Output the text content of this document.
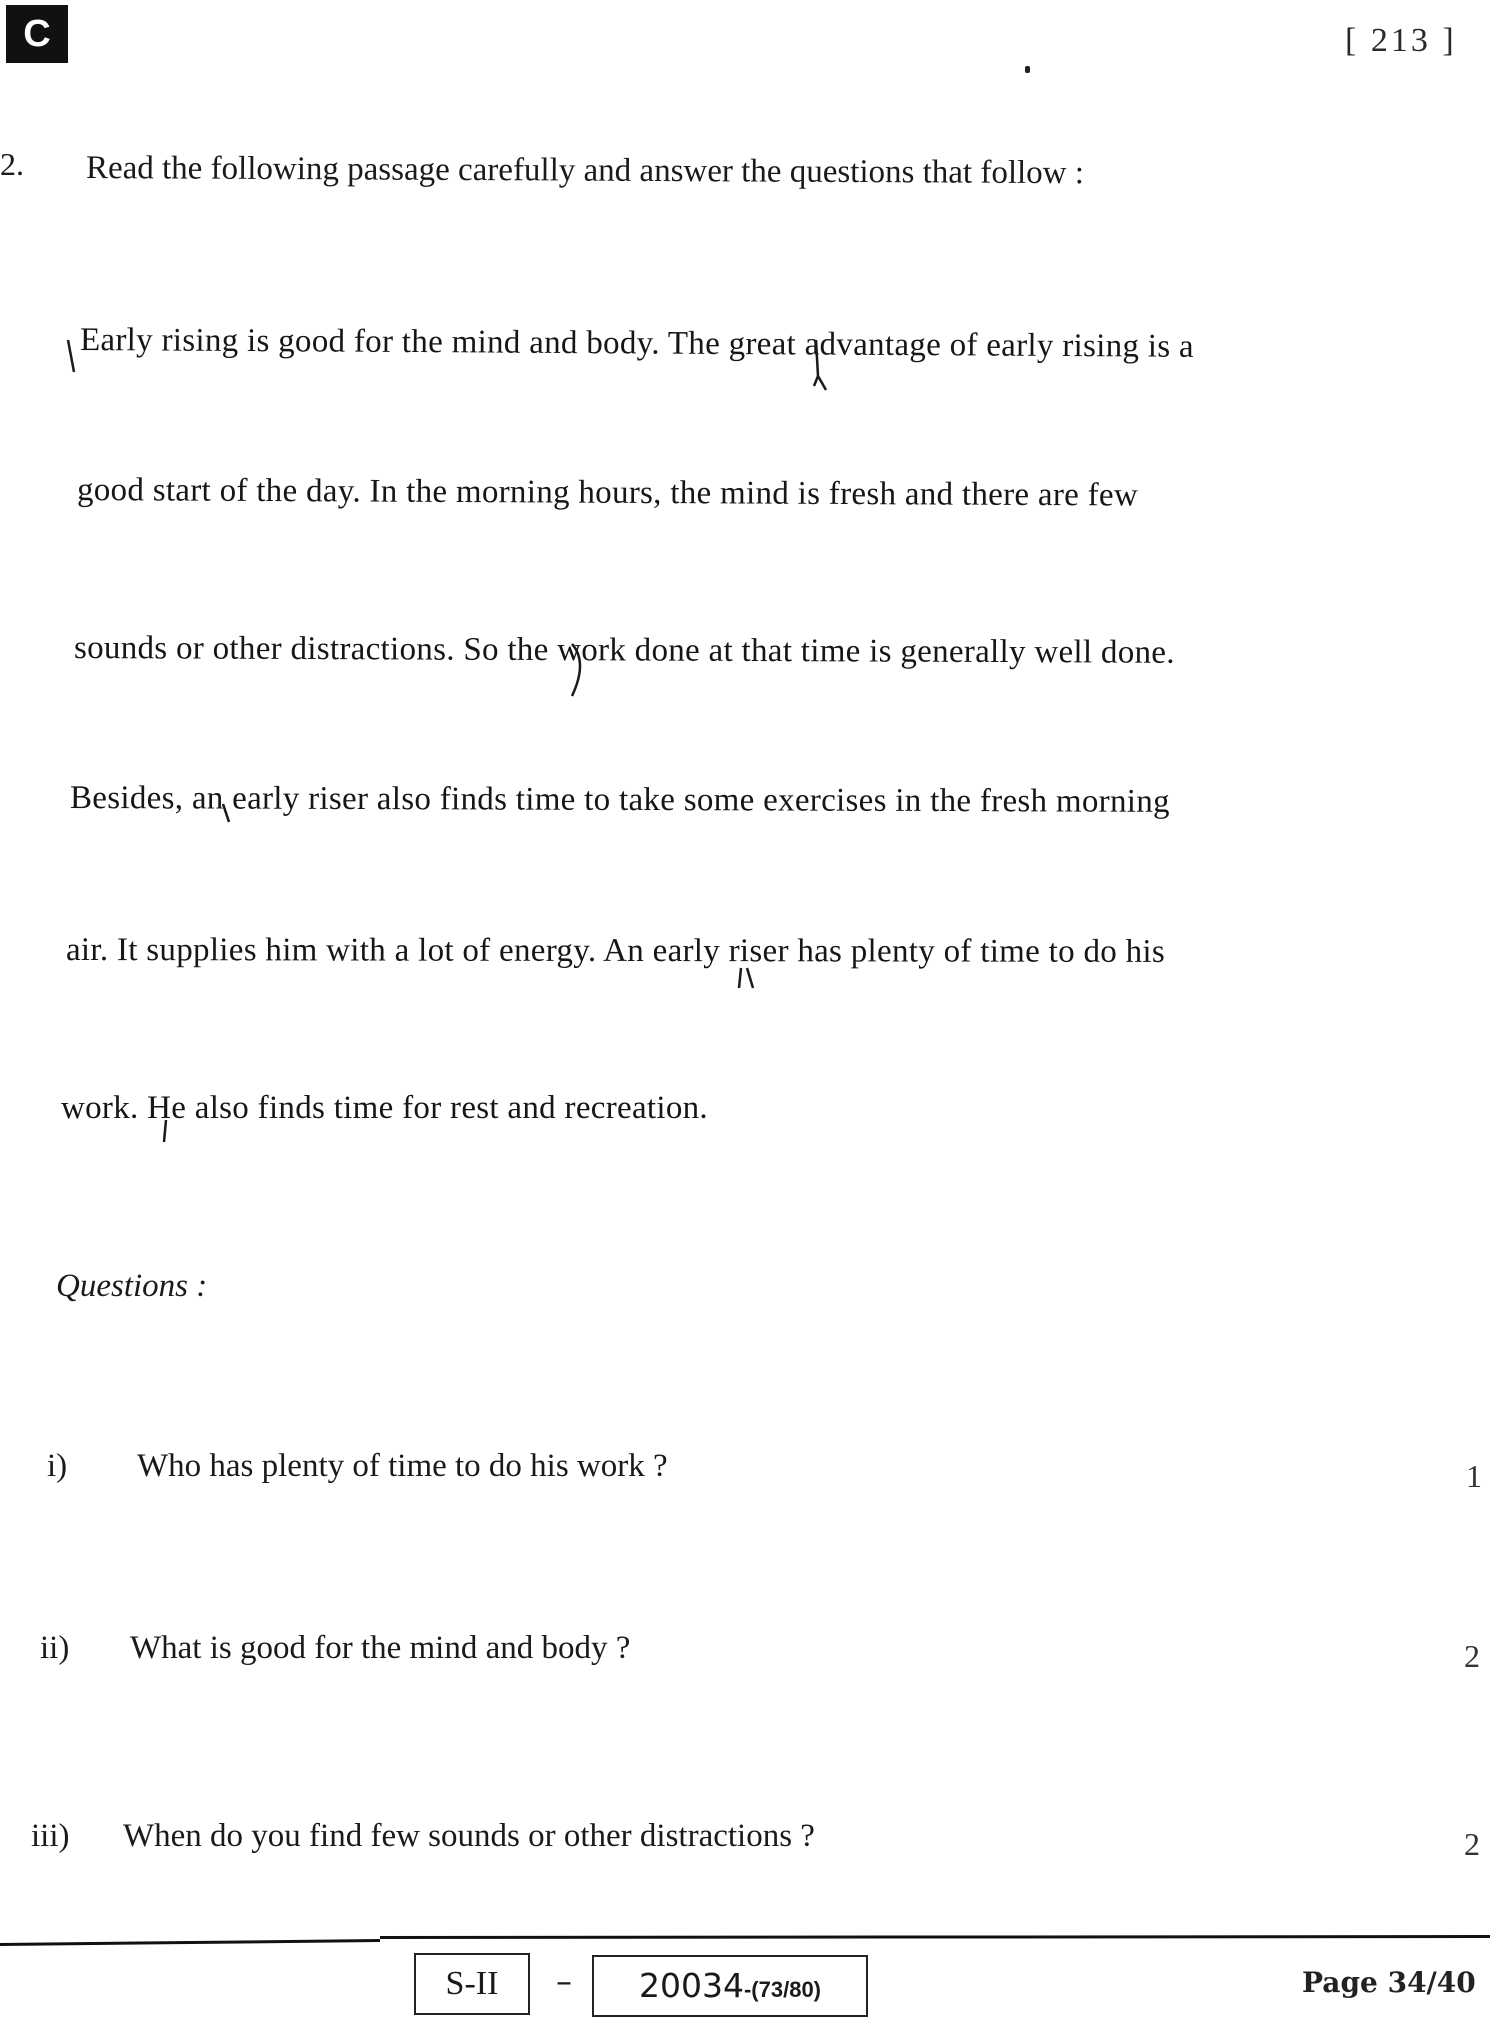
C	[ 213 ]
2. Read the following passage carefully and answer the questions that follow :
Early rising is good for the mind and body. The great advantage of early rising is a
good start of the day. In the morning hours, the mind is fresh and there are few
sounds or other distractions. So the work done at that time is generally well done.
Besides, an early riser also finds time to take some exercises in the fresh morning
air. It supplies him with a lot of energy. An early riser has plenty of time to do his
work. He also finds time for rest and recreation.
Questions :
i) Who has plenty of time to do his work ?	1
ii) What is good for the mind and body ?	2
iii) When do you find few sounds or other distractions ?	2
S-II	–	20034-(73/80)	Page 34/40
